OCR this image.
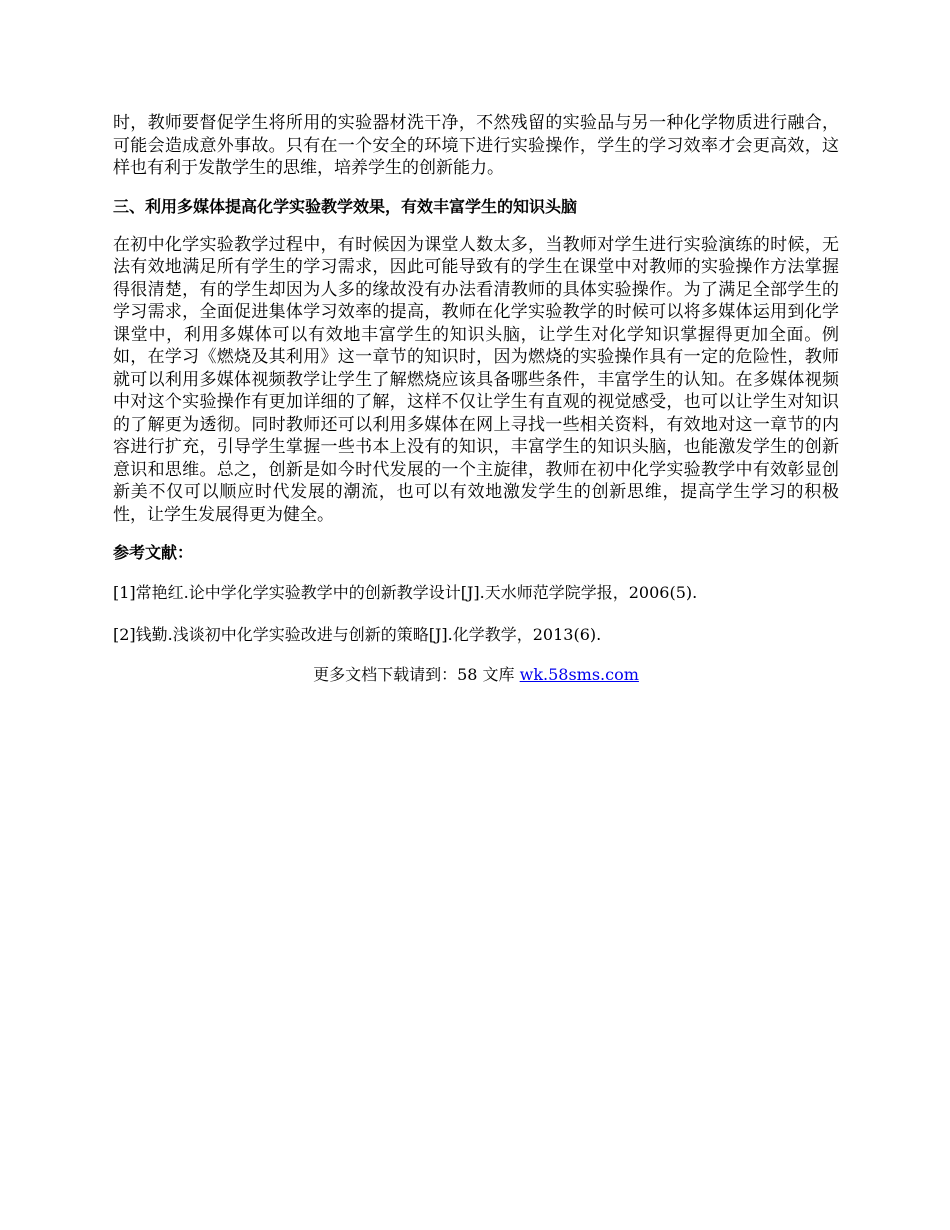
时，教师要督促学生将所用的实验器材洗干净，不然残留的实验品与另一种化学物质进行融合，可能会造成意外事故。只有在一个安全的环境下进行实验操作，学生的学习效率才会更高效，这样也有利于发散学生的思维，培养学生的创新能力。

三、利用多媒体提高化学实验教学效果，有效丰富学生的知识头脑

在初中化学实验教学过程中，有时候因为课堂人数太多，当教师对学生进行实验演练的时候，无法有效地满足所有学生的学习需求，因此可能导致有的学生在课堂中对教师的实验操作方法掌握得很清楚，有的学生却因为人多的缘故没有办法看清教师的具体实验操作。为了满足全部学生的学习需求，全面促进集体学习效率的提高，教师在化学实验教学的时候可以将多媒体运用到化学课堂中，利用多媒体可以有效地丰富学生的知识头脑，让学生对化学知识掌握得更加全面。例如，在学习《燃烧及其利用》这一章节的知识时，因为燃烧的实验操作具有一定的危险性，教师就可以利用多媒体视频教学让学生了解燃烧应该具备哪些条件，丰富学生的认知。在多媒体视频中对这个实验操作有更加详细的了解，这样不仅让学生有直观的视觉感受，也可以让学生对知识的了解更为透彻。同时教师还可以利用多媒体在网上寻找一些相关资料，有效地对这一章节的内容进行扩充，引导学生掌握一些书本上没有的知识，丰富学生的知识头脑，也能激发学生的创新意识和思维。总之，创新是如今时代发展的一个主旋律，教师在初中化学实验教学中有效彰显创新美不仅可以顺应时代发展的潮流，也可以有效地激发学生的创新思维，提高学生学习的积极性，让学生发展得更为健全。

参考文献：

[1]常艳红.论中学化学实验教学中的创新教学设计[J].天水师范学院学报，2006(5).

[2]钱勤.浅谈初中化学实验改进与创新的策略[J].化学教学，2013(6).

更多文档下载请到：58 文库 wk.58sms.com
